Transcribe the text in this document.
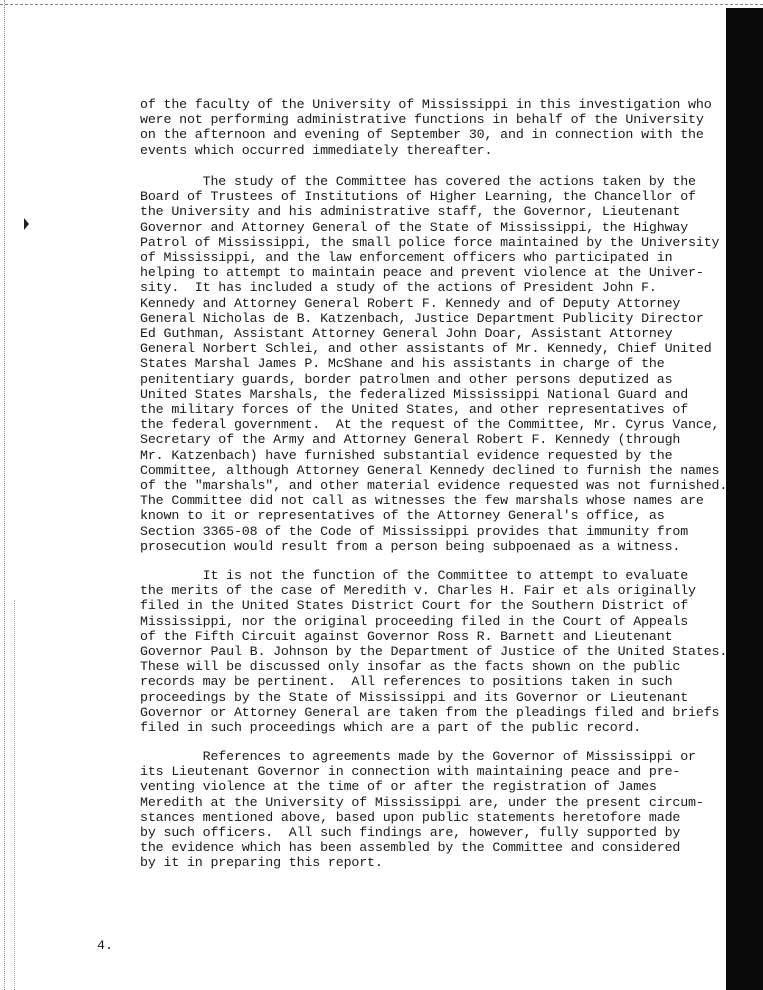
of the faculty of the University of Mississippi in this investigation who
were not performing administrative functions in behalf of the University
on the afternoon and evening of September 30, and in connection with the
events which occurred immediately thereafter.
The study of the Committee has covered the actions taken by the
Board of Trustees of Institutions of Higher Learning, the Chancellor of
the University and his administrative staff, the Governor, Lieutenant
Governor and Attorney General of the State of Mississippi, the Highway
Patrol of Mississippi, the small police force maintained by the University
of Mississippi, and the law enforcement officers who participated in
helping to attempt to maintain peace and prevent violence at the Univer-
sity.  It has included a study of the actions of President John F.
Kennedy and Attorney General Robert F. Kennedy and of Deputy Attorney
General Nicholas de B. Katzenbach, Justice Department Publicity Director
Ed Guthman, Assistant Attorney General John Doar, Assistant Attorney
General Norbert Schlei, and other assistants of Mr. Kennedy, Chief United
States Marshal James P. McShane and his assistants in charge of the
penitentiary guards, border patrolmen and other persons deputized as
United States Marshals, the federalized Mississippi National Guard and
the military forces of the United States, and other representatives of
the federal government.  At the request of the Committee, Mr. Cyrus Vance,
Secretary of the Army and Attorney General Robert F. Kennedy (through
Mr. Katzenbach) have furnished substantial evidence requested by the
Committee, although Attorney General Kennedy declined to furnish the names
of the "marshals", and other material evidence requested was not furnished.
The Committee did not call as witnesses the few marshals whose names are
known to it or representatives of the Attorney General's office, as
Section 3365-08 of the Code of Mississippi provides that immunity from
prosecution would result from a person being subpoenaed as a witness.
It is not the function of the Committee to attempt to evaluate
the merits of the case of Meredith v. Charles H. Fair et als originally
filed in the United States District Court for the Southern District of
Mississippi, nor the original proceeding filed in the Court of Appeals
of the Fifth Circuit against Governor Ross R. Barnett and Lieutenant
Governor Paul B. Johnson by the Department of Justice of the United States.
These will be discussed only insofar as the facts shown on the public
records may be pertinent.  All references to positions taken in such
proceedings by the State of Mississippi and its Governor or Lieutenant
Governor or Attorney General are taken from the pleadings filed and briefs
filed in such proceedings which are a part of the public record.
References to agreements made by the Governor of Mississippi or
its Lieutenant Governor in connection with maintaining peace and pre-
venting violence at the time of or after the registration of James
Meredith at the University of Mississippi are, under the present circum-
stances mentioned above, based upon public statements heretofore made
by such officers.  All such findings are, however, fully supported by
the evidence which has been assembled by the Committee and considered
by it in preparing this report.
4.
